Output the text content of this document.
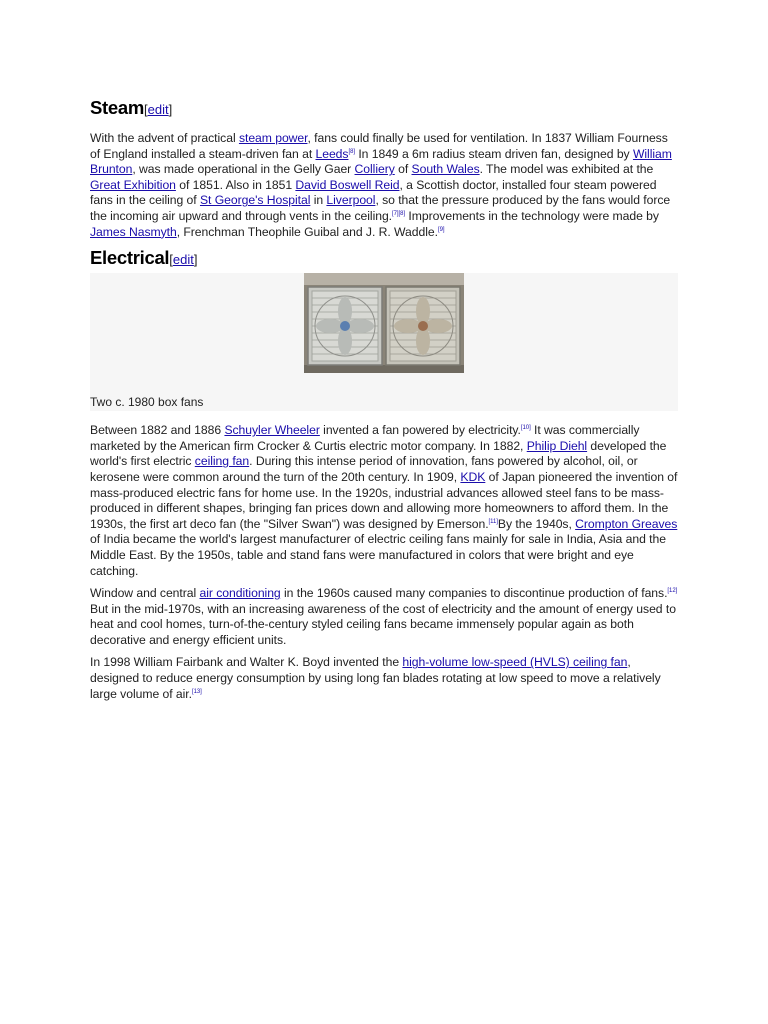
Steam[edit]

With the advent of practical steam power, fans could finally be used for ventilation. In 1837 William Fourness of England installed a steam-driven fan at Leeds[8] In 1849 a 6m radius steam driven fan, designed by William Brunton, was made operational in the Gelly Gaer Colliery of South Wales. The model was exhibited at the Great Exhibition of 1851. Also in 1851 David Boswell Reid, a Scottish doctor, installed four steam powered fans in the ceiling of St George's Hospital in Liverpool, so that the pressure produced by the fans would force the incoming air upward and through vents in the ceiling.[7][8] Improvements in the technology were made by James Nasmyth, Frenchman Theophile Guibal and J. R. Waddle.[9]

Electrical[edit]
Two c. 1980 box fans

Between 1882 and 1886 Schuyler Wheeler invented a fan powered by electricity.[10] It was commercially marketed by the American firm Crocker & Curtis electric motor company. In 1882, Philip Diehl developed the world's first electric ceiling fan. During this intense period of innovation, fans powered by alcohol, oil, or kerosene were common around the turn of the 20th century. In 1909, KDK of Japan pioneered the invention of mass-produced electric fans for home use. In the 1920s, industrial advances allowed steel fans to be mass-produced in different shapes, bringing fan prices down and allowing more homeowners to afford them. In the 1930s, the first art deco fan (the "Silver Swan") was designed by Emerson.[11]By the 1940s, Crompton Greaves of India became the world's largest manufacturer of electric ceiling fans mainly for sale in India, Asia and the Middle East. By the 1950s, table and stand fans were manufactured in colors that were bright and eye catching.

Window and central air conditioning in the 1960s caused many companies to discontinue production of fans.[12] But in the mid-1970s, with an increasing awareness of the cost of electricity and the amount of energy used to heat and cool homes, turn-of-the-century styled ceiling fans became immensely popular again as both decorative and energy efficient units.

In 1998 William Fairbank and Walter K. Boyd invented the high-volume low-speed (HVLS) ceiling fan, designed to reduce energy consumption by using long fan blades rotating at low speed to move a relatively large volume of air.[13]
